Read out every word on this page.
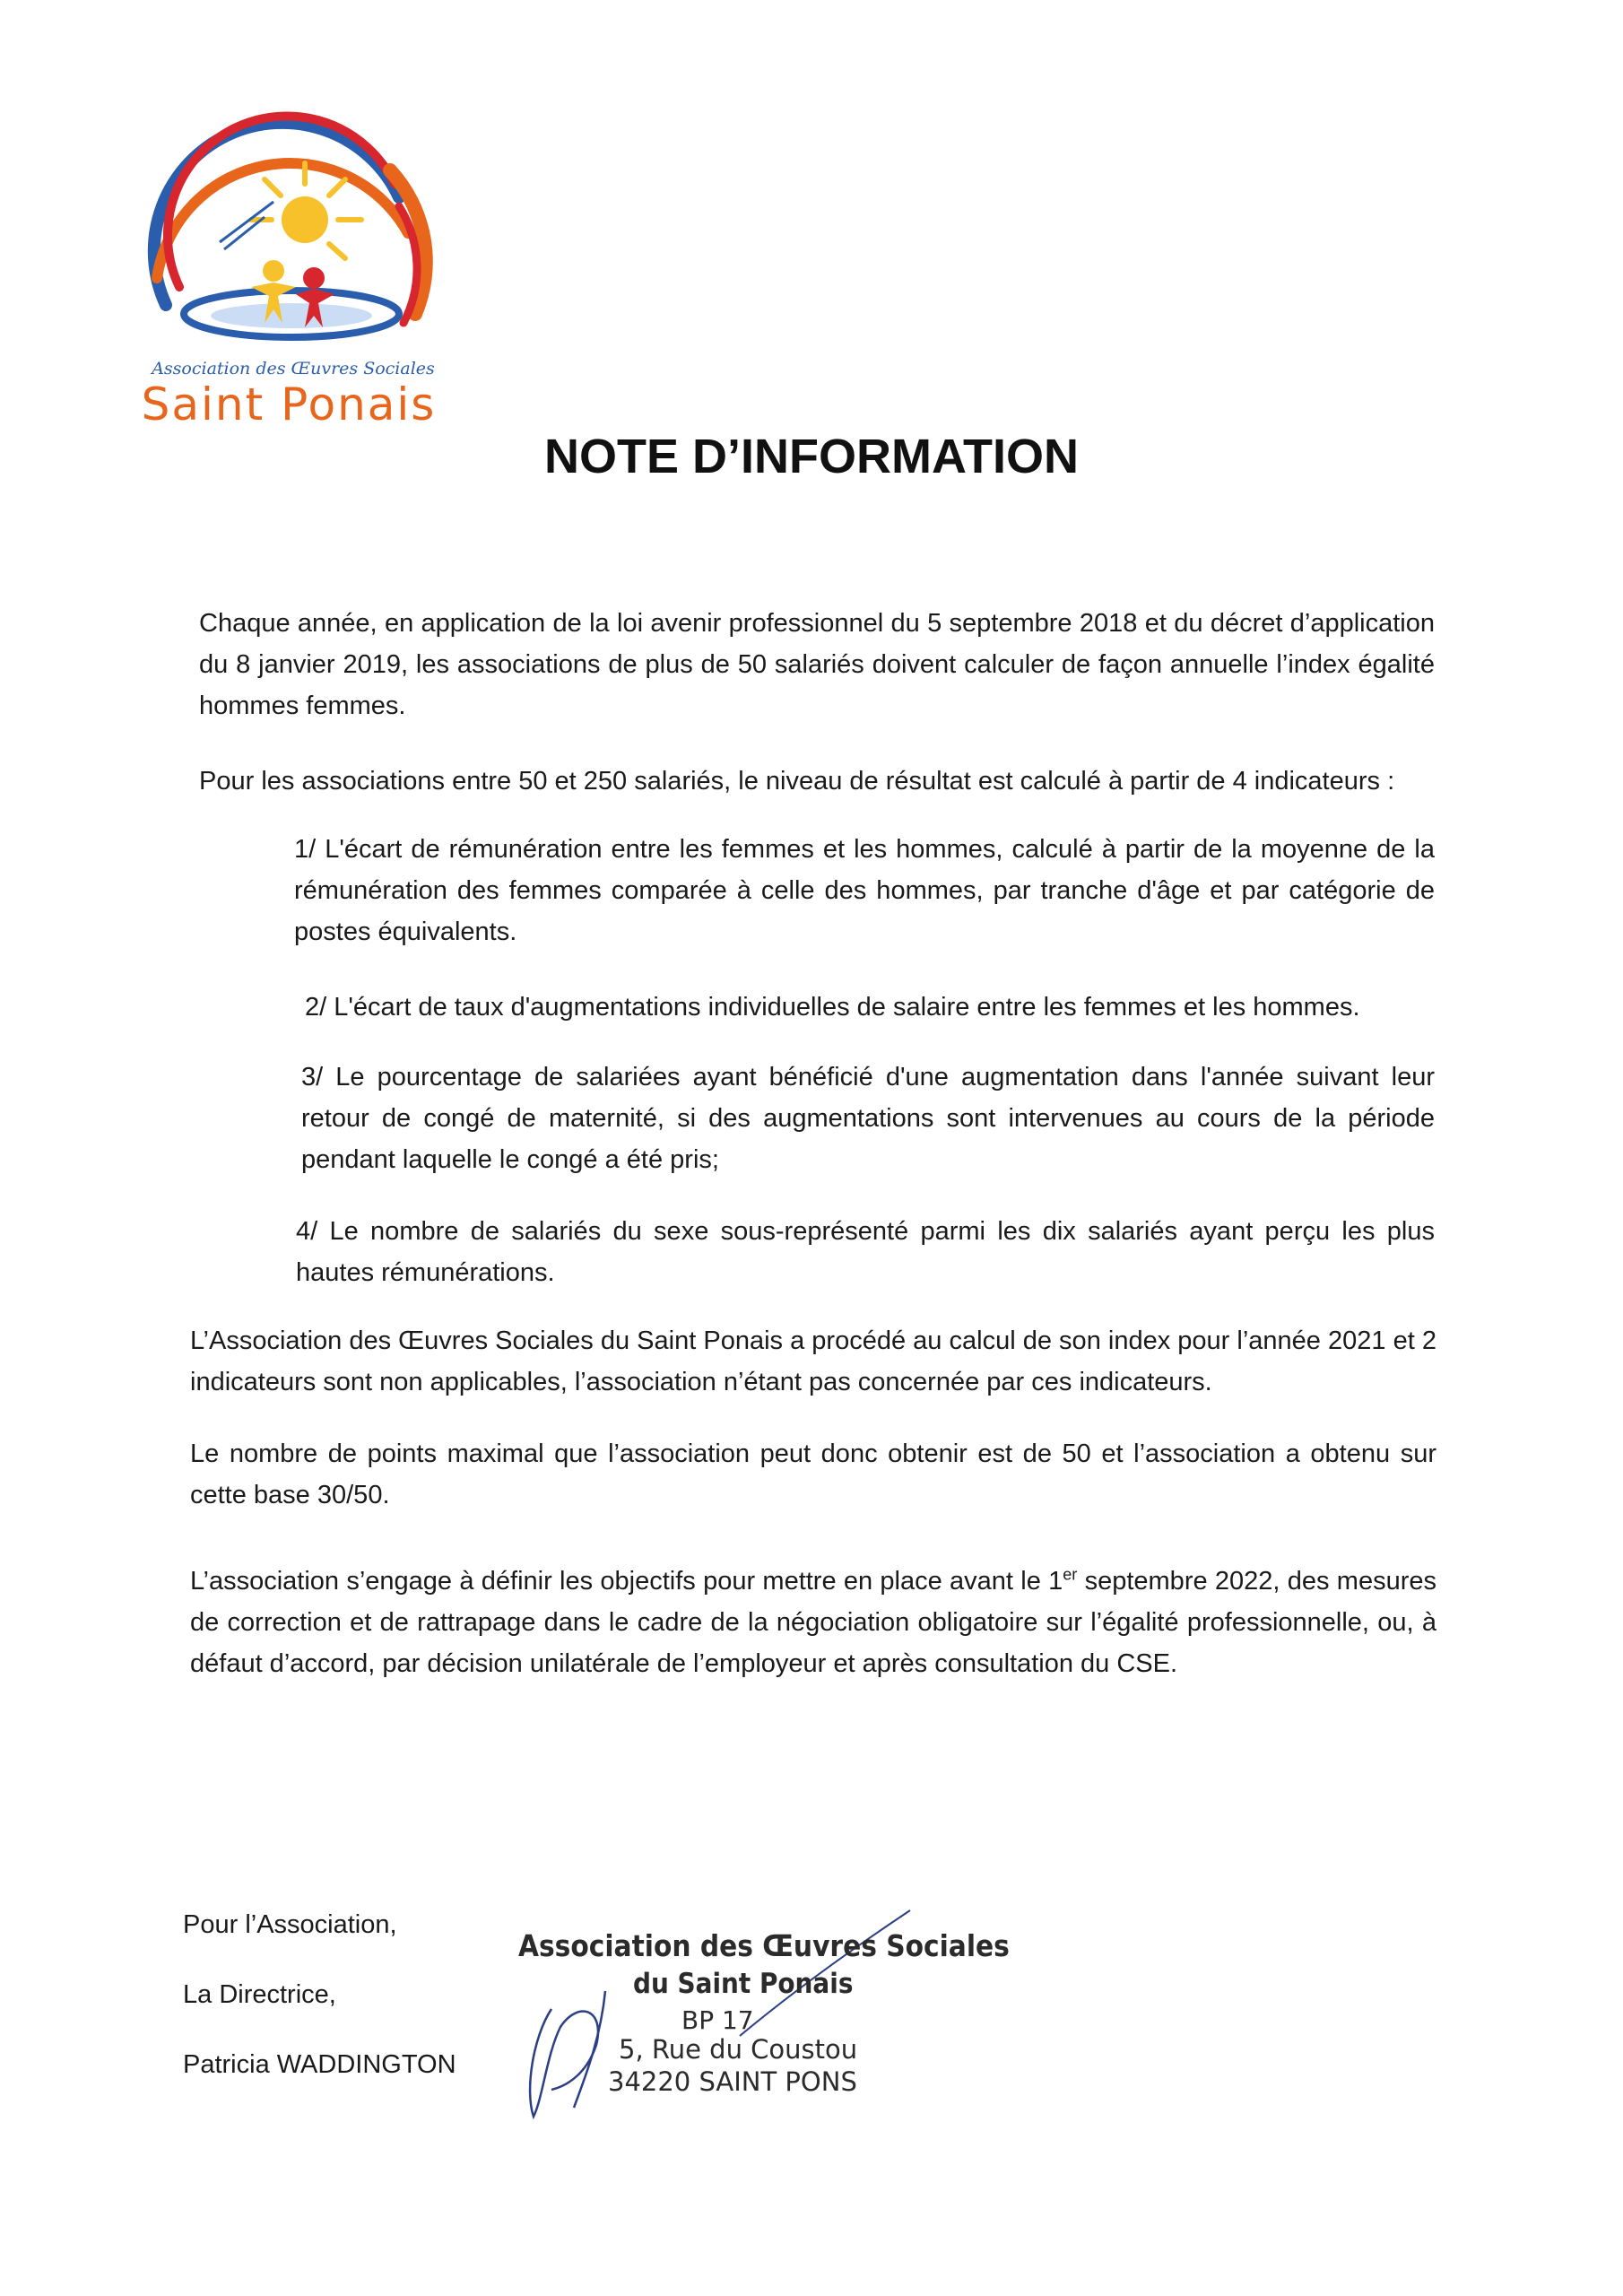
Association des Œuvres Sociales
Saint Ponais
NOTE D’INFORMATION

Chaque année, en application de la loi avenir professionnel du 5 septembre 2018 et du décret d’application du 8 janvier 2019, les associations de plus de 50 salariés doivent calculer de façon annuelle l’index égalité hommes femmes.

Pour les associations entre 50 et 250 salariés, le niveau de résultat est calculé à partir de 4 indicateurs :

1/ L'écart de rémunération entre les femmes et les hommes, calculé à partir de la moyenne de la rémunération des femmes comparée à celle des hommes, par tranche d'âge et par catégorie de postes équivalents.

2/ L'écart de taux d'augmentations individuelles de salaire entre les femmes et les hommes.

3/ Le pourcentage de salariées ayant bénéficié d'une augmentation dans l'année suivant leur retour de congé de maternité, si des augmentations sont intervenues au cours de la période pendant laquelle le congé a été pris;

4/ Le nombre de salariés du sexe sous-représenté parmi les dix salariés ayant perçu les plus hautes rémunérations.

L’Association des Œuvres Sociales du Saint Ponais a procédé au calcul de son index pour l’année 2021 et 2 indicateurs sont non applicables, l’association n’étant pas concernée par ces indicateurs.

Le nombre de points maximal que l’association peut donc obtenir est de 50 et l’association a obtenu sur cette base 30/50.

L’association s’engage à définir les objectifs pour mettre en place avant le 1er septembre 2022, des mesures de correction et de rattrapage dans le cadre de la négociation obligatoire sur l’égalité professionnelle, ou, à défaut d’accord, par décision unilatérale de l’employeur et après consultation du CSE.

Pour l’Association,
La Directrice,
Patricia WADDINGTON
Association des Œuvres Sociales
du Saint Ponais
BP 17
5, Rue du Coustou
34220 SAINT PONS
